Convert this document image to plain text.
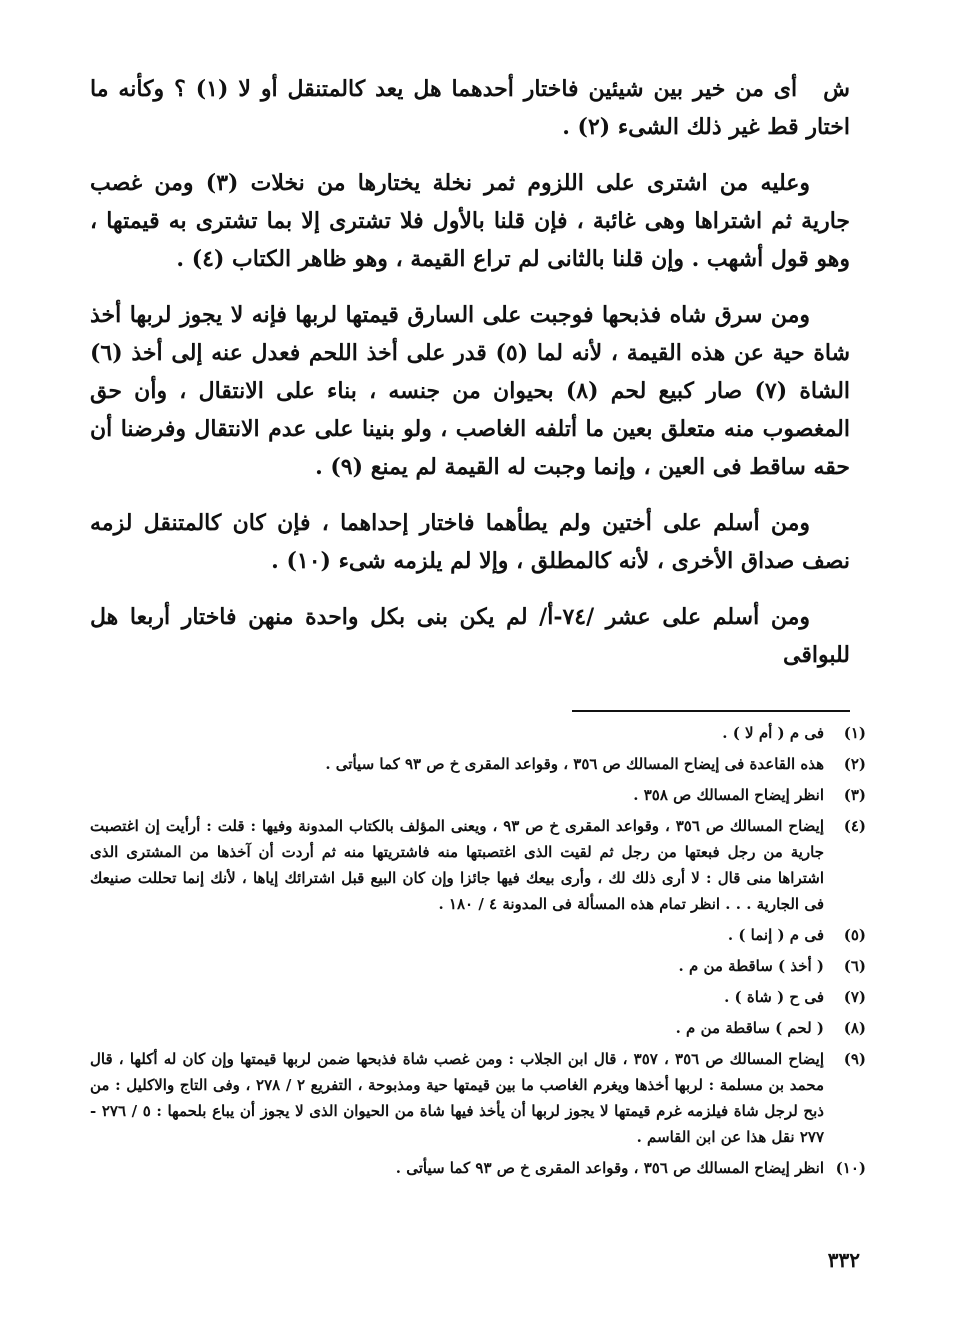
شأى من خير بين شيئين فاختار أحدهما هل يعد كالمتنقل أو لا (١) ؟ وكأنه ما اختار قط غير ذلك الشىء (٢) .

وعليه من اشترى على اللزوم ثمر نخلة يختارها من نخلات (٣) ومن غصب جارية ثم اشتراها وهى غائبة ، فإن قلنا بالأول فلا تشترى إلا بما تشترى به قيمتها ، وهو قول أشهب . وإن قلنا بالثانى لم تراع القيمة ، وهو ظاهر الكتاب (٤) .

ومن سرق شاه فذبحها فوجبت على السارق قيمتها لربها فإنه لا يجوز لربها أخذ شاة حية عن هذه القيمة ، لأنه لما (٥) قدر على أخذ اللحم فعدل عنه إلى أخذ (٦) الشاة (٧) صار كبيع لحم (٨) بحيوان من جنسه ، بناء على الانتقال ، وأن حق المغصوب منه متعلق بعين ما أتلفه الغاصب ، ولو بنينا على عدم الانتقال وفرضنا أن حقه ساقط فى العين ، وإنما وجبت له القيمة لم يمنع (٩) .

ومن أسلم على أختين ولم يطأهما فاختار إحداهما ، فإن كان كالمتنقل لزمه نصف صداق الأخرى ، لأنه كالمطلق ، وإلا لم يلزمه شىء (١٠) .

ومن أسلم على عشر /٧٤-أ/ لم يكن بنى بكل واحدة منهن فاختار أربعا هل للبواقى

(١)
فى م ( أم لا ) .
(٢)
هذه القاعدة فى إيضاح المسالك ص ٣٥٦ ، وقواعد المقرى خ ص ٩٣ كما سيأتى .
(٣)
انظر إيضاح المسالك ص ٣٥٨ .
(٤)
إيضاح المسالك ص ٣٥٦ ، وقواعد المقرى خ ص ٩٣ ، ويعنى المؤلف بالكتاب المدونة وفيها : قلت : أرأيت إن اغتصبت جارية من رجل فبعتها من رجل ثم لقيت الذى اغتصبتها منه فاشتريتها منه ثم أردت أن آخذها من المشترى الذى اشتراها منى قال : لا أرى ذلك لك ، وأرى بيعك فيها جائزا وإن كان البيع قبل اشترائك إياها ، لأنك إنما تحللت صنيعك فى الجارية . . . انظر تمام هذه المسألة فى المدونة ٤ / ١٨٠ .
(٥)
فى م ( إنما ) .
(٦)
( أخذ ) ساقطة من م .
(٧)
فى ح ( شاة ) .
(٨)
( لحم ) ساقطة من م .
(٩)
إيضاح المسالك ص ٣٥٦ ، ٣٥٧ ، قال ابن الجلاب : ومن غصب شاة فذبحها ضمن لربها قيمتها وإن كان له أكلها ، قال محمد بن مسلمة : لربها أخذها ويغرم الغاصب ما بين قيمتها حية ومذبوحة ، التفريع ٢ / ٢٧٨ ، وفى التاج والاكليل : من ذبح لرجل شاة فيلزمه غرم قيمتها لا يجوز لربها أن يأخذ فيها شاة من الحيوان الذى لا يجوز أن يباع بلحمها : ٥ / ٢٧٦ - ٢٧٧ نقل هذا عن ابن القاسم .
(١٠)
انظر إيضاح المسالك ص ٣٥٦ ، وقواعد المقرى خ ص ٩٣ كما سيأتى .
٣٣٢
